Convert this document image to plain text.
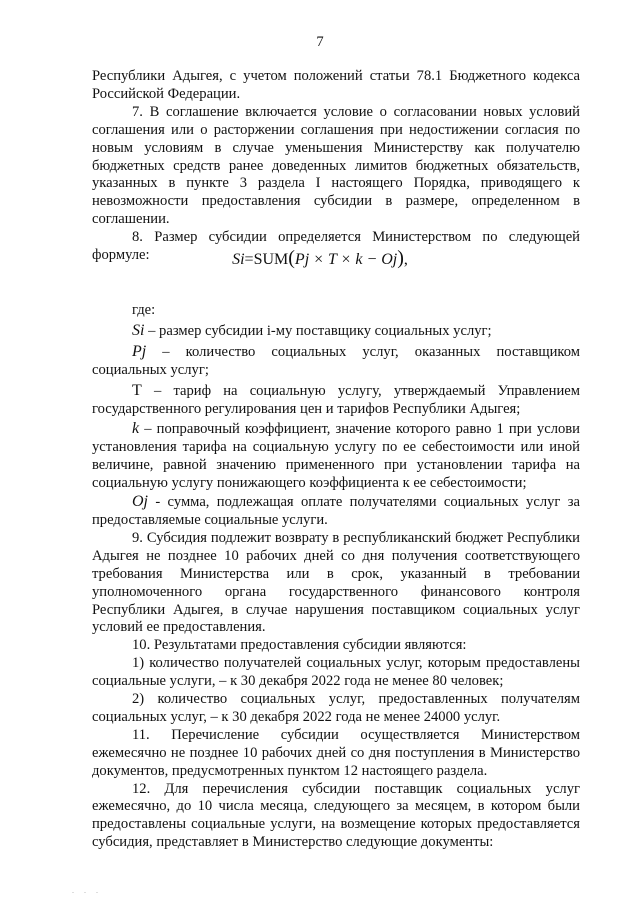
7

Республики Адыгея, с учетом положений статьи 78.1 Бюджетного кодекса Российской Федерации.

7. В соглашение включается условие о согласовании новых условий соглашения или о расторжении соглашения при недостижении согласия по новым условиям в случае уменьшения Министерству как получателю бюджетных средств ранее доведенных лимитов бюджетных обязательств, указанных в пункте 3 раздела I настоящего Порядка, приводящего к невозможности предоставления субсидии в размере, определенном в соглашении.

8. Размер субсидии определяется Министерством по следующей формуле:	Si=SUM(Pj × T × k − Oj),

где:

Si – размер субсидии i-му поставщику социальных услуг;

Pj – количество социальных услуг, оказанных поставщиком социальных услуг;

T – тариф на социальную услугу, утверждаемый Управлением государственного регулирования цен и тарифов Республики Адыгея;

k – поправочный коэффициент, значение которого равно 1 при услови установления тарифа на социальную услугу по ее себестоимости или иной величине, равной значению примененного при установлении тарифа на социальную услугу понижающего коэффициента к ее себестоимости;

Oj - сумма, подлежащая оплате получателями социальных услуг за предоставляемые социальные услуги.

9. Субсидия подлежит возврату в республиканский бюджет Республики Адыгея не позднее 10 рабочих дней со дня получения соответствующего требования Министерства или в срок, указанный в требовании уполномоченного органа государственного финансового контроля Республики Адыгея, в случае нарушения поставщиком социальных услуг условий ее предоставления.

10. Результатами предоставления субсидии являются:

1) количество получателей социальных услуг, которым предоставлены социальные услуги, – к 30 декабря 2022 года не менее 80 человек;

2) количество социальных услуг, предоставленных получателям социальных услуг, – к 30 декабря 2022 года не менее 24000 услуг.

11. Перечисление субсидии осуществляется Министерством ежемесячно не позднее 10 рабочих дней со дня поступления в Министерство документов, предусмотренных пунктом 12 настоящего раздела.

12. Для перечисления субсидии поставщик социальных услуг ежемесячно, до 10 числа месяца, следующего за месяцем, в котором были предоставлены социальные услуги, на возмещение которых предоставляется субсидия, представляет в Министерство следующие документы:

. . .
